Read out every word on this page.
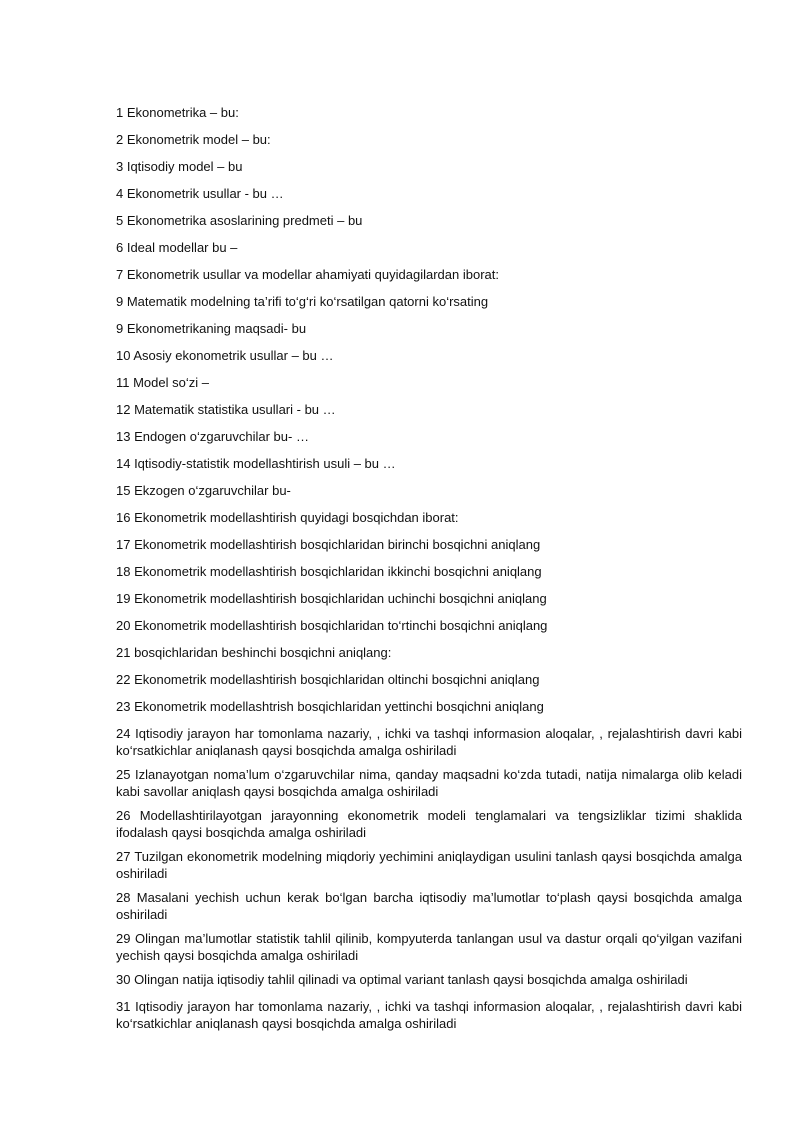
1 Ekonometrika – bu:

2 Ekonometrik model – bu:

3 Iqtisodiy model – bu

4 Ekonometrik usullar - bu …

5 Ekonometrika asoslarining predmeti – bu

6 Ideal modellar bu –

7 Ekonometrik usullar va modellar ahamiyati quyidagilardan iborat:

9 Matematik modelning ta’rifi to‘g‘ri ko‘rsatilgan qatorni ko‘rsating

9 Ekonometrikaning maqsadi- bu

10 Asosiy ekonometrik usullar – bu …

11 Model so‘zi –

12 Matematik statistika usullari - bu …

13 Endogen o‘zgaruvchilar bu- …

14 Iqtisodiy-statistik modellashtirish usuli – bu …

15 Ekzogen o‘zgaruvchilar bu-

16 Ekonometrik modellashtirish quyidagi bosqichdan iborat:

17 Ekonometrik modellashtirish bosqichlaridan birinchi bosqichni aniqlang

18 Ekonometrik modellashtirish bosqichlaridan ikkinchi bosqichni aniqlang

19 Ekonometrik modellashtirish bosqichlaridan uchinchi bosqichni aniqlang

20 Ekonometrik modellashtirish bosqichlaridan to‘rtinchi bosqichni aniqlang

21 bosqichlaridan beshinchi bosqichni aniqlang:

22 Ekonometrik modellashtirish bosqichlaridan oltinchi bosqichni aniqlang

23 Ekonometrik modellashtrish bosqichlaridan yettinchi bosqichni aniqlang

24 Iqtisodiy jarayon har tomonlama nazariy, , ichki va tashqi informasion aloqalar, , rejalashtirish davri kabi ko‘rsatkichlar aniqlanash qaysi bosqichda amalga oshiriladi

25 Izlanayotgan noma’lum o‘zgaruvchilar nima, qanday maqsadni ko‘zda tutadi, natija nimalarga olib keladi kabi savollar aniqlash qaysi bosqichda amalga oshiriladi

26 Modellashtirilayotgan jarayonning ekonometrik modeli tenglamalari va tengsizliklar tizimi shaklida ifodalash qaysi bosqichda amalga oshiriladi

27 Tuzilgan ekonometrik modelning miqdoriy yechimini aniqlaydigan usulini tanlash qaysi bosqichda amalga oshiriladi

28 Masalani yechish uchun kerak bo‘lgan barcha iqtisodiy ma’lumotlar to‘plash qaysi bosqichda amalga oshiriladi

29 Olingan ma’lumotlar statistik tahlil qilinib, kompyuterda tanlangan usul va dastur orqali qo‘yilgan vazifani yechish qaysi bosqichda amalga oshiriladi

30 Olingan natija iqtisodiy tahlil qilinadi va optimal variant tanlash qaysi bosqichda amalga oshiriladi

31 Iqtisodiy jarayon har tomonlama nazariy, , ichki va tashqi informasion aloqalar, , rejalashtirish davri kabi ko‘rsatkichlar aniqlanash qaysi bosqichda amalga oshiriladi
